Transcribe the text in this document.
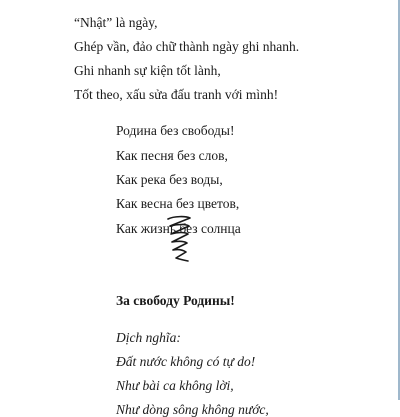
“Nhật” là ngày,
Ghép vần, đảo chữ thành ngày ghi nhanh.
Ghi nhanh sự kiện tốt lành,
Tốt theo, xấu sửa đấu tranh với mình!
Родина без свободы!
Как песня без слов,
Как река без воды,
Как весна без цветов,
Как жизнь без солнца
За свободу Родины!
Dịch nghĩa:
Đất nước không có tự do!
Như bài ca không lời,
Như dòng sông không nước,
